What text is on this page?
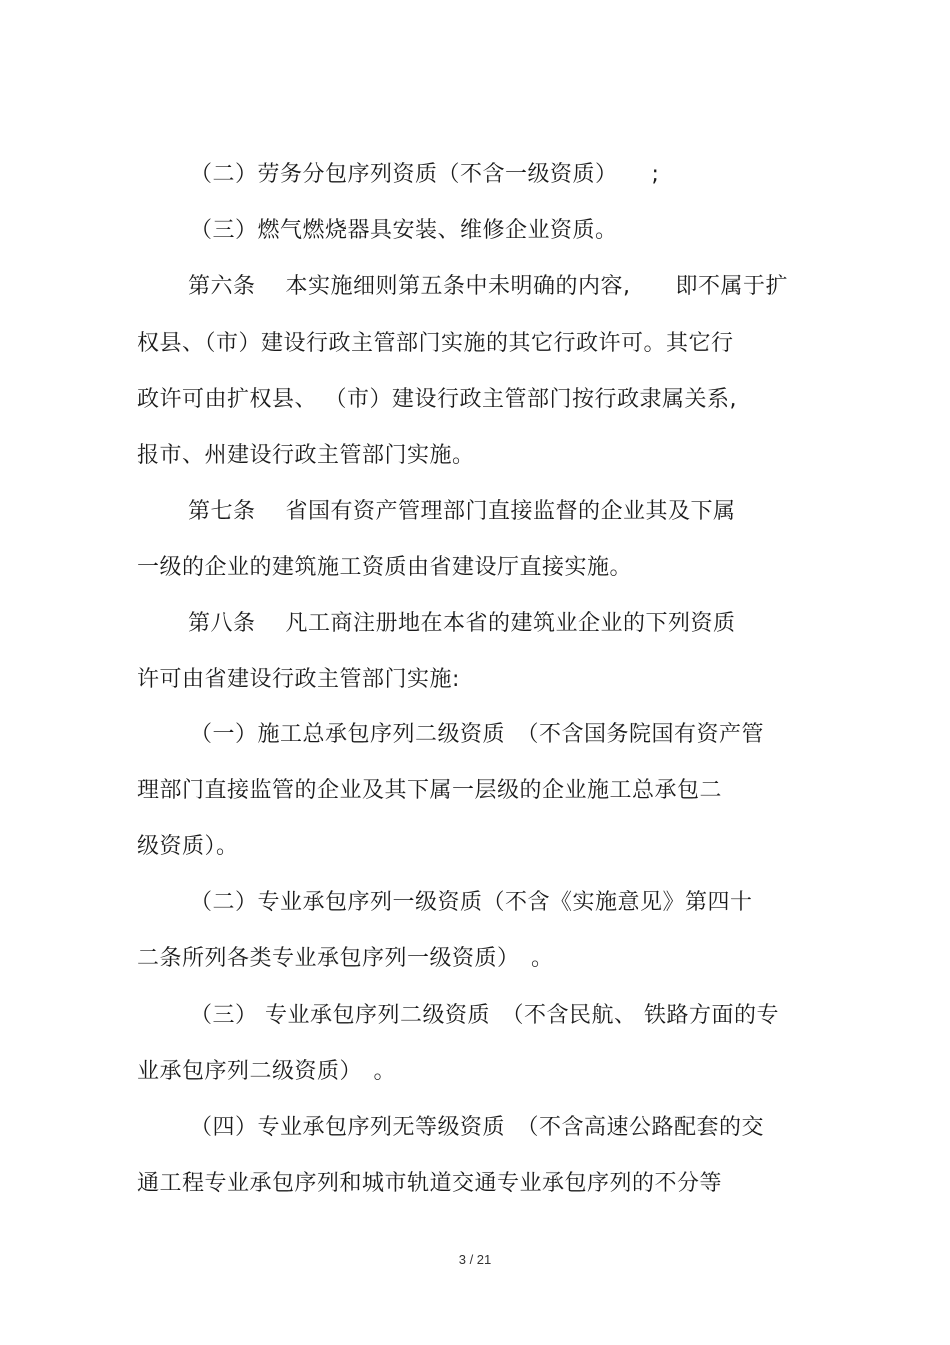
（二）劳务分包序列资质（不含一级资质）　　;
（三）燃气燃烧器具安装、维修企业资质。
第六条　 本实施细则第五条中未明确的内容,　　即不属于扩
权县、（市）建设行政主管部门实施的其它行政许可。其它行
政许可由扩权县、 （市）建设行政主管部门按行政隶属关系,
报市、州建设行政主管部门实施。
第七条　 省国有资产管理部门直接监督的企业其及下属
一级的企业的建筑施工资质由省建设厅直接实施。
第八条　 凡工商注册地在本省的建筑业企业的下列资质
许可由省建设行政主管部门实施:
（一）施工总承包序列二级资质　（不含国务院国有资产管
理部门直接监管的企业及其下属一层级的企业施工总承包二
级资质）。
（二）专业承包序列一级资质（不含《实施意见》第四十
二条所列各类专业承包序列一级资质）　。
（三） 专业承包序列二级资质　（不含民航、 铁路方面的专
业承包序列二级资质）　。
（四）专业承包序列无等级资质　（不含高速公路配套的交
通工程专业承包序列和城市轨道交通专业承包序列的不分等
3 / 21
